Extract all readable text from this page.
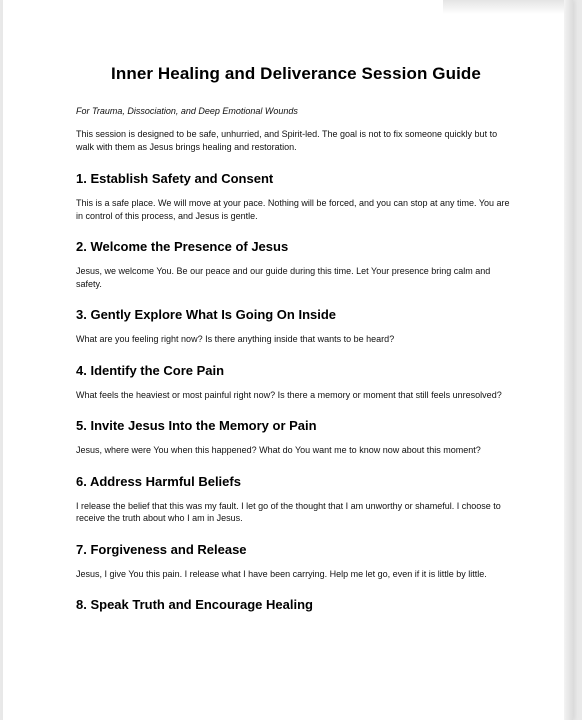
Inner Healing and Deliverance Session Guide

For Trauma, Dissociation, and Deep Emotional Wounds

This session is designed to be safe, unhurried, and Spirit-led. The goal is not to fix someone quickly but to walk with them as Jesus brings healing and restoration.

1. Establish Safety and Consent

This is a safe place. We will move at your pace. Nothing will be forced, and you can stop at any time. You are in control of this process, and Jesus is gentle.

2. Welcome the Presence of Jesus

Jesus, we welcome You. Be our peace and our guide during this time. Let Your presence bring calm and safety.

3. Gently Explore What Is Going On Inside

What are you feeling right now? Is there anything inside that wants to be heard?

4. Identify the Core Pain

What feels the heaviest or most painful right now? Is there a memory or moment that still feels unresolved?

5. Invite Jesus Into the Memory or Pain

Jesus, where were You when this happened? What do You want me to know now about this moment?

6. Address Harmful Beliefs

I release the belief that this was my fault. I let go of the thought that I am unworthy or shameful. I choose to receive the truth about who I am in Jesus.

7. Forgiveness and Release

Jesus, I give You this pain. I release what I have been carrying. Help me let go, even if it is little by little.

8. Speak Truth and Encourage Healing
